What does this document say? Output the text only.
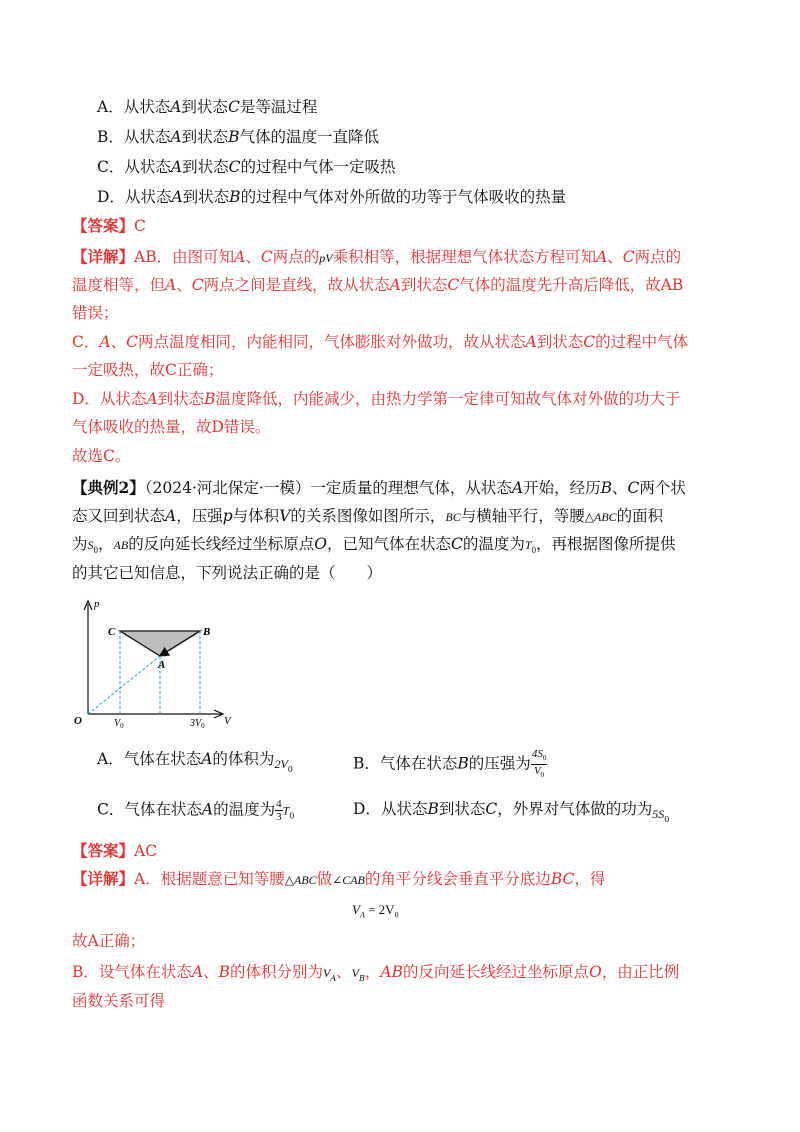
A．从状态A到状态C是等温过程
B．从状态A到状态B气体的温度一直降低
C．从状态A到状态C的过程中气体一定吸热
D．从状态A到状态B的过程中气体对外所做的功等于气体吸收的热量
【答案】C
【详解】AB．由图可知A、C两点的pV乘积相等，根据理想气体状态方程可知A、C两点的
温度相等，但A、C两点之间是直线，故从状态A到状态C气体的温度先升高后降低，故AB
错误；
C．A、C两点温度相同，内能相同，气体膨胀对外做功，故从状态A到状态C的过程中气体
一定吸热，故C正确；
D．从状态A到状态B温度降低，内能减少，由热力学第一定律可知故气体对外做的功大于
气体吸收的热量，故D错误。
故选C。
【典例2】（2024·河北保定·一模）一定质量的理想气体，从状态A开始，经历B、C两个状
态又回到状态A，压强p与体积V的关系图像如图所示，BC与横轴平行，等腰△ABC的面积
为$S_0$，AB的反向延长线经过坐标原点O，已知气体在状态C的温度为$T_0$，再根据图像所提供
的其它已知信息，下列说法正确的是（　　）
p
V
O
C	B
A
$V_0$	$3V_0$
A．气体在状态A的体积为$_{2V0}$	B．气体在状态B的压强为 $\frac{4S_0}{V_0}$
C．气体在状态A的温度为 $\frac{4}{3} T_0$	D．从状态B到状态C，外界对气体做的功为$_{5S0}$
【答案】AC
【详解】A．根据题意已知等腰△ABC做∠CAB的角平分线会垂直平分底边BC，得
$V_A = 2V_0$
故A正确；
B．设气体在状态A、B的体积分别为$V_A$、$V_B$，AB的反向延长线经过坐标原点O，由正比例
函数关系可得
